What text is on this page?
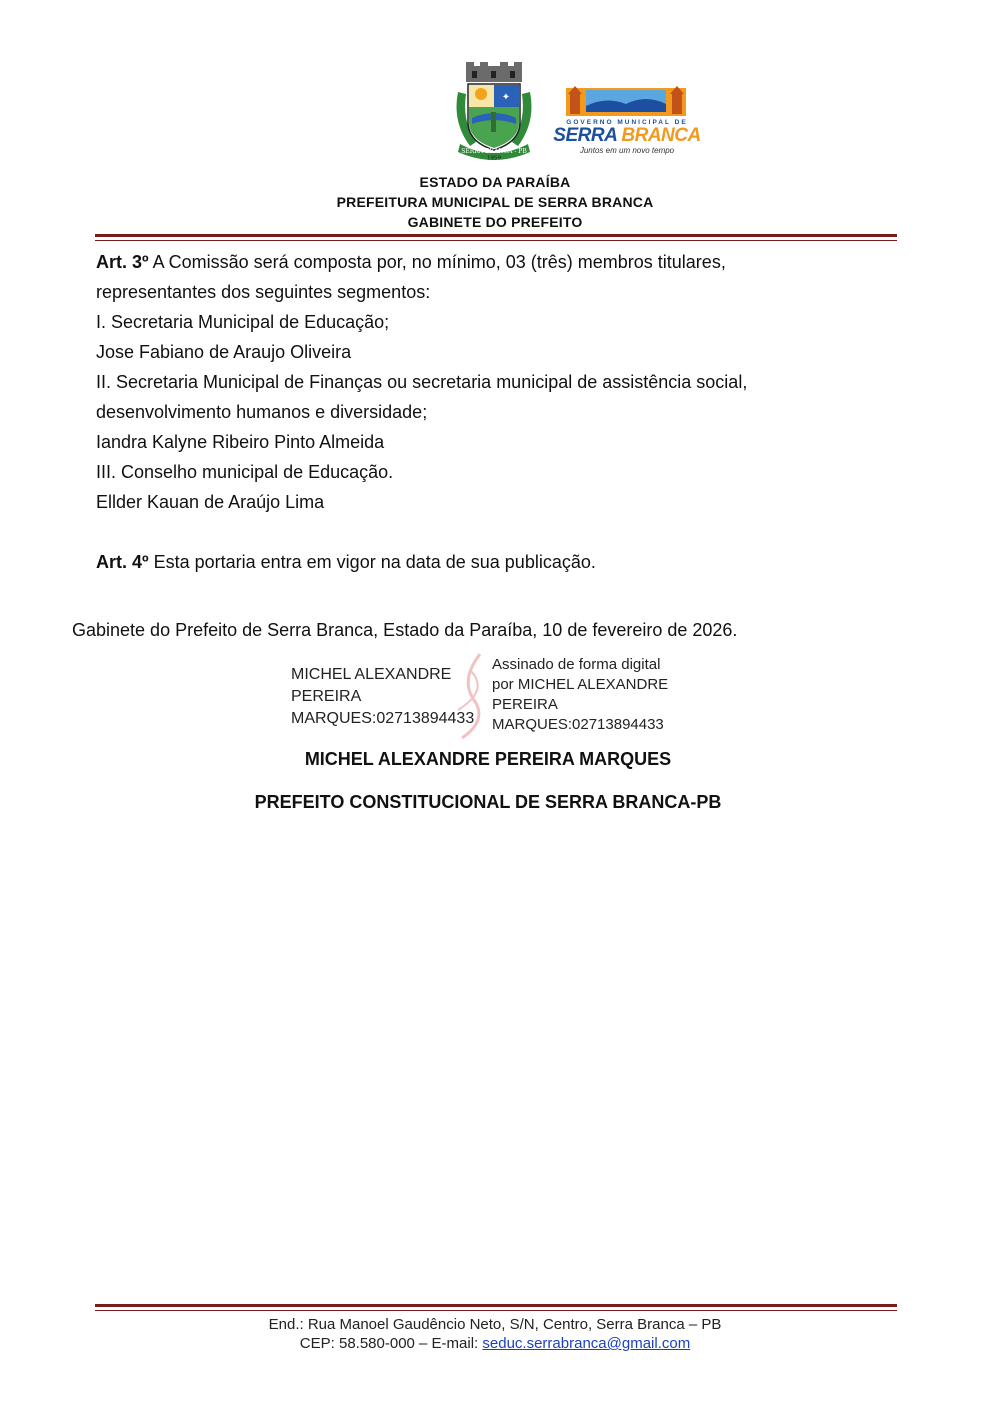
✦
SERRA BRANCA - PB
1959
GOVERNO MUNICIPAL DE
SERRA BRANCA
Juntos em um novo tempo
ESTADO DA PARAÍBA
PREFEITURA MUNICIPAL DE SERRA BRANCA
GABINETE DO PREFEITO
Art. 3º A Comissão será composta por, no mínimo, 03 (três) membros titulares,
representantes dos seguintes segmentos:
I. Secretaria Municipal de Educação;
Jose Fabiano de Araujo Oliveira
II. Secretaria Municipal de Finanças ou secretaria municipal de assistência social,
desenvolvimento humanos e diversidade;
Iandra Kalyne Ribeiro Pinto Almeida
III. Conselho municipal de Educação.
Ellder Kauan de Araújo Lima
Art. 4º Esta portaria entra em vigor na data de sua publicação.
Gabinete do Prefeito de Serra Branca, Estado da Paraíba, 10 de fevereiro de 2026.
MICHEL ALEXANDRE
PEREIRA
MARQUES:02713894433
Assinado de forma digital
por MICHEL ALEXANDRE
PEREIRA
MARQUES:02713894433
MICHEL ALEXANDRE PEREIRA MARQUES
PREFEITO CONSTITUCIONAL DE SERRA BRANCA-PB
End.: Rua Manoel Gaudêncio Neto, S/N, Centro, Serra Branca – PB
CEP: 58.580-000 – E-mail: seduc.serrabranca@gmail.com
